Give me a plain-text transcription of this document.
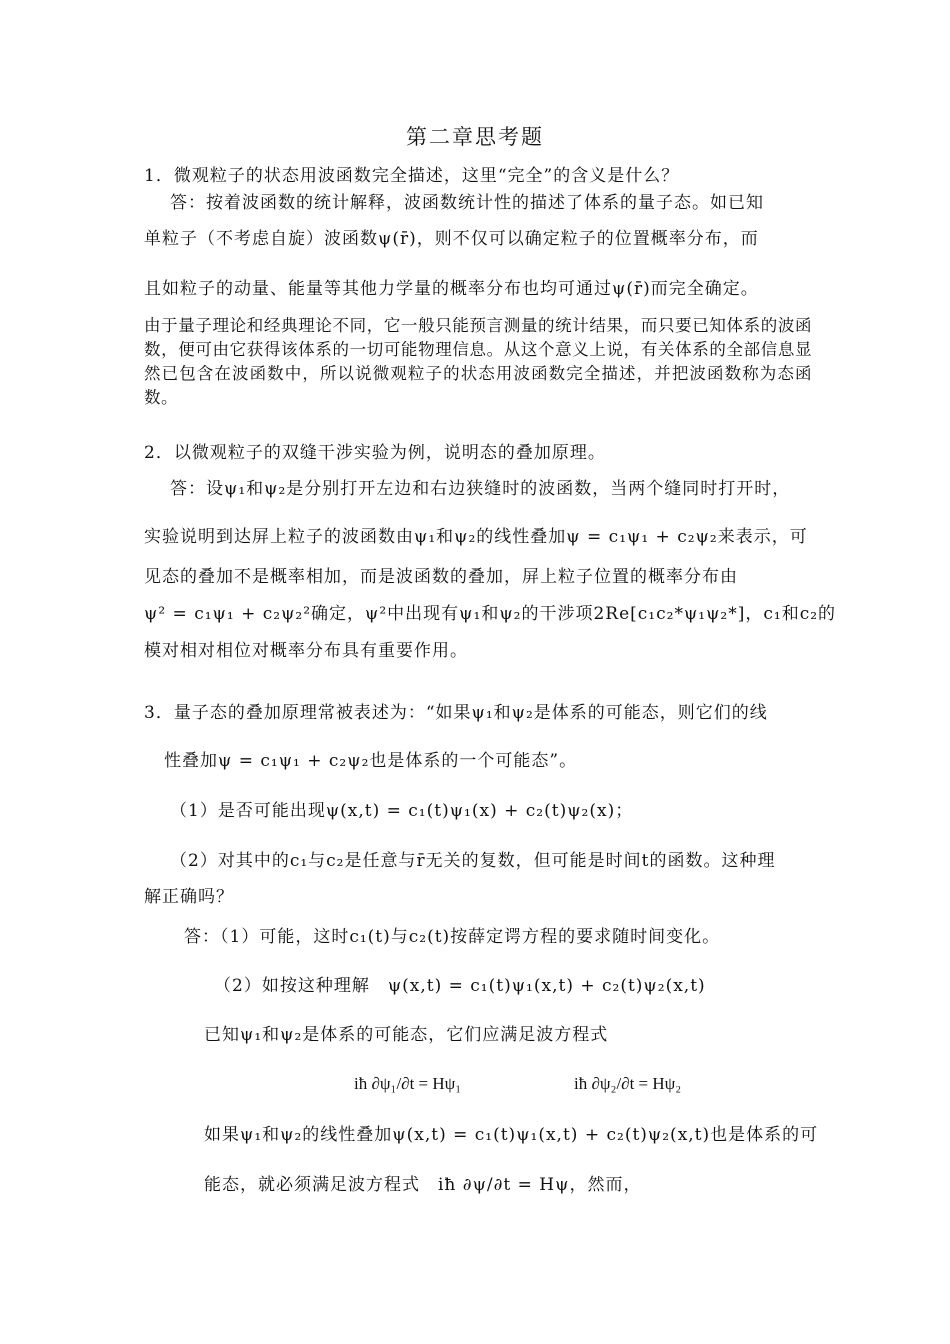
第二章思考题
1．微观粒子的状态用波函数完全描述，这里“完全”的含义是什么？
答：按着波函数的统计解释，波函数统计性的描述了体系的量子态。如已知
单粒子（不考虑自旋）波函数ψ(r̄)，则不仅可以确定粒子的位置概率分布，而
且如粒子的动量、能量等其他力学量的概率分布也均可通过ψ(r̄)而完全确定。
由于量子理论和经典理论不同，它一般只能预言测量的统计结果，而只要已知体系的波函数，便可由它获得该体系的一切可能物理信息。从这个意义上说，有关体系的全部信息显然已包含在波函数中，所以说微观粒子的状态用波函数完全描述，并把波函数称为态函数。
2．以微观粒子的双缝干涉实验为例，说明态的叠加原理。
答：设ψ₁和ψ₂是分别打开左边和右边狭缝时的波函数，当两个缝同时打开时，
实验说明到达屏上粒子的波函数由ψ₁和ψ₂的线性叠加ψ = c₁ψ₁ + c₂ψ₂来表示，可
见态的叠加不是概率相加，而是波函数的叠加，屏上粒子位置的概率分布由
ψ² = c₁ψ₁ + c₂ψ₂²确定，ψ²中出现有ψ₁和ψ₂的干涉项2Re[c₁c₂*ψ₁ψ₂*]，c₁和c₂的
模对相对相位对概率分布具有重要作用。
3．量子态的叠加原理常被表述为：“如果ψ₁和ψ₂是体系的可能态，则它们的线
性叠加ψ = c₁ψ₁ + c₂ψ₂也是体系的一个可能态”。
（1）是否可能出现ψ(x,t) = c₁(t)ψ₁(x) + c₂(t)ψ₂(x)；
（2）对其中的c₁与c₂是任意与r̄无关的复数，但可能是时间t的函数。这种理
解正确吗？
答：（1）可能，这时c₁(t)与c₂(t)按薛定谔方程的要求随时间变化。
（2）如按这种理解　ψ(x,t) = c₁(t)ψ₁(x,t) + c₂(t)ψ₂(x,t)
已知ψ₁和ψ₂是体系的可能态，它们应满足波方程式
iħ ∂ψ₁/∂t = Hψ₁	iħ ∂ψ₂/∂t = Hψ₂
如果ψ₁和ψ₂的线性叠加ψ(x,t) = c₁(t)ψ₁(x,t) + c₂(t)ψ₂(x,t)也是体系的可
能态，就必须满足波方程式　iħ ∂ψ/∂t = Hψ，然而，
